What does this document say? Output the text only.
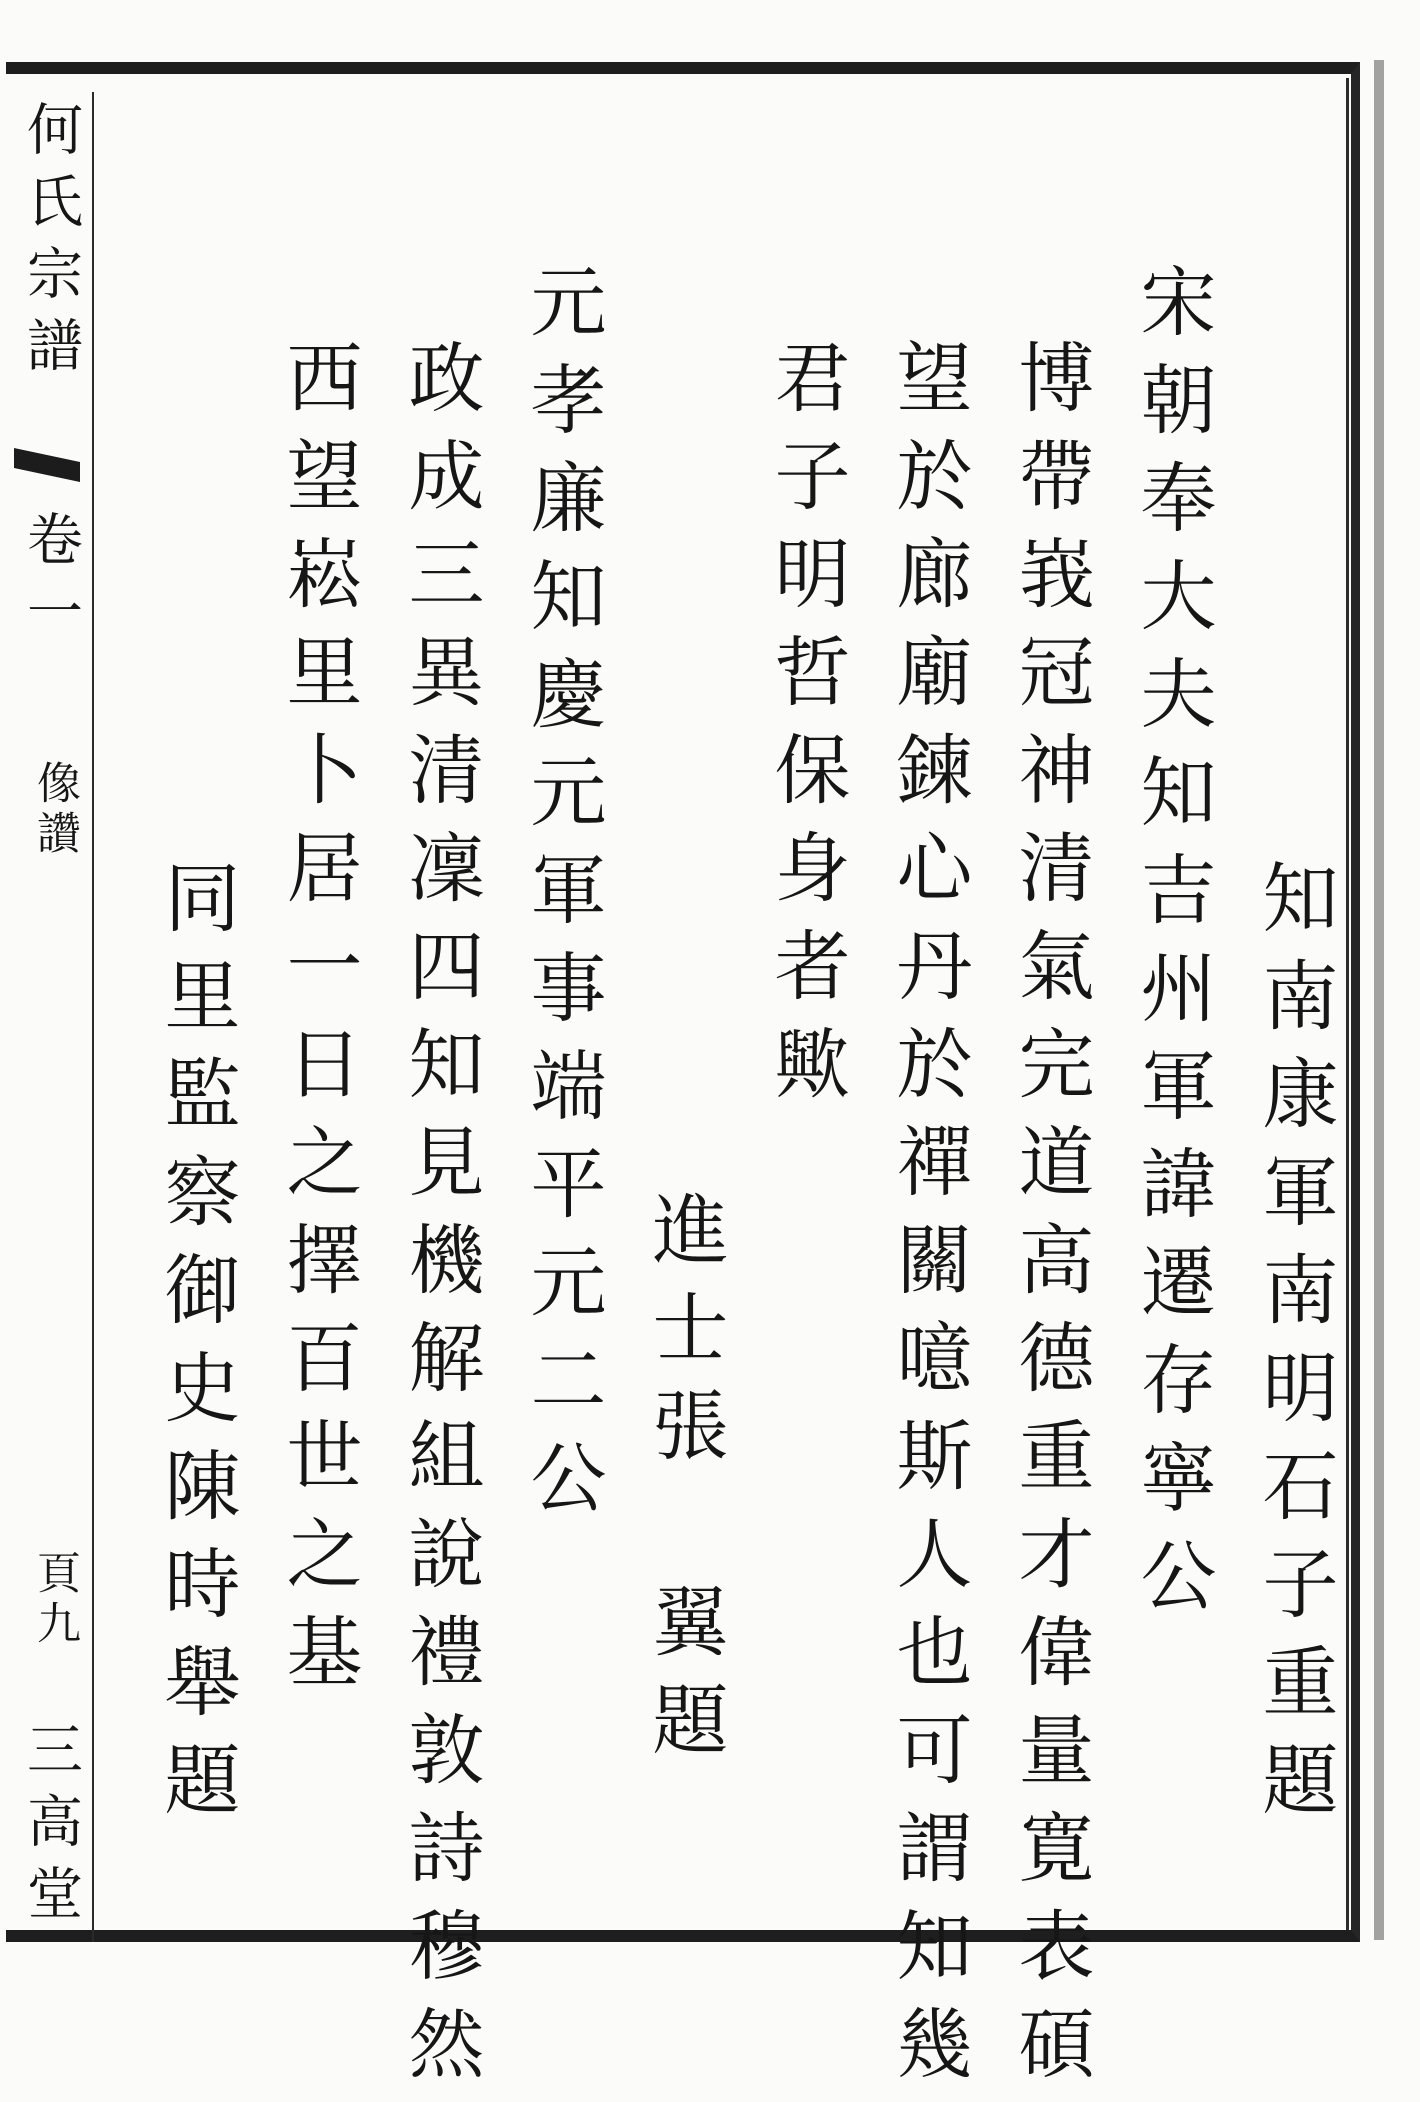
何氏宗譜
卷一
像讚
頁九
三高堂	知南康軍南明石子重題
宋朝奉大夫知吉州軍諱遷存寧公
博帶峩冠神清氣完道高德重才偉量寛表碩
望於廊廟鍊心丹於禪關噫斯人也可謂知幾
君子明哲保身者歟
進士張　翼題
元孝廉知慶元軍事端平元二公
政成三異清凜四知見機解組說禮敦詩穆然
西望崧里卜居一日之擇百世之基
同里監察御史陳時舉題
